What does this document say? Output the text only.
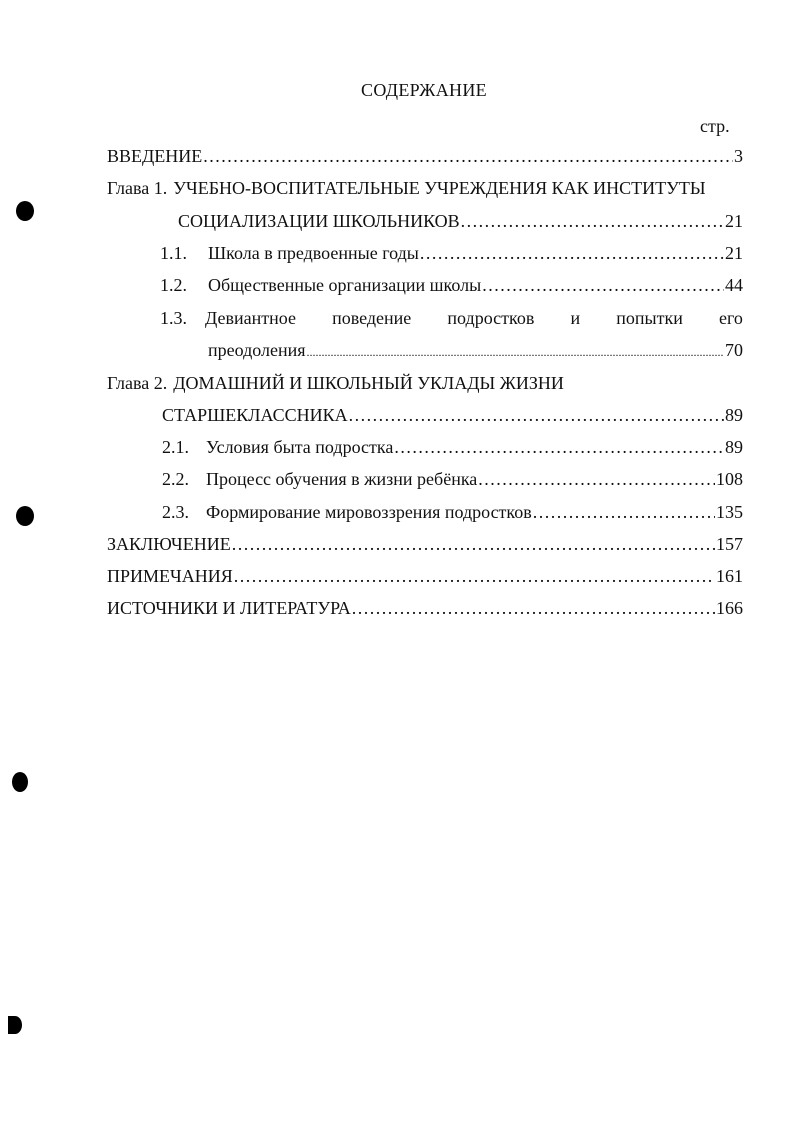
СОДЕРЖАНИЕ
стр.
ВВЕДЕНИЕ .....	3
Глава 1. УЧЕБНО-ВОСПИТАТЕЛЬНЫЕ УЧРЕЖДЕНИЯ КАК ИНСТИТУТЫ
СОЦИАЛИЗАЦИИ ШКОЛЬНИКОВ .....	21
1.1.	Школа в предвоенные годы .....	21
1.2.	Общественные организации школы .....	44
1.3. Девиантное поведение подростков и попытки его
преодоления .....	70
Глава 2. ДОМАШНИЙ И ШКОЛЬНЫЙ УКЛАДЫ ЖИЗНИ
СТАРШЕКЛАССНИКА .....	89
2.1. Условия быта подростка .....	89
2.2. Процесс обучения в жизни ребёнка .....	108
2.3. Формирование мировоззрения подростков .....	135
ЗАКЛЮЧЕНИЕ .....	157
ПРИМЕЧАНИЯ .....	161
ИСТОЧНИКИ И ЛИТЕРАТУРА .....	166
